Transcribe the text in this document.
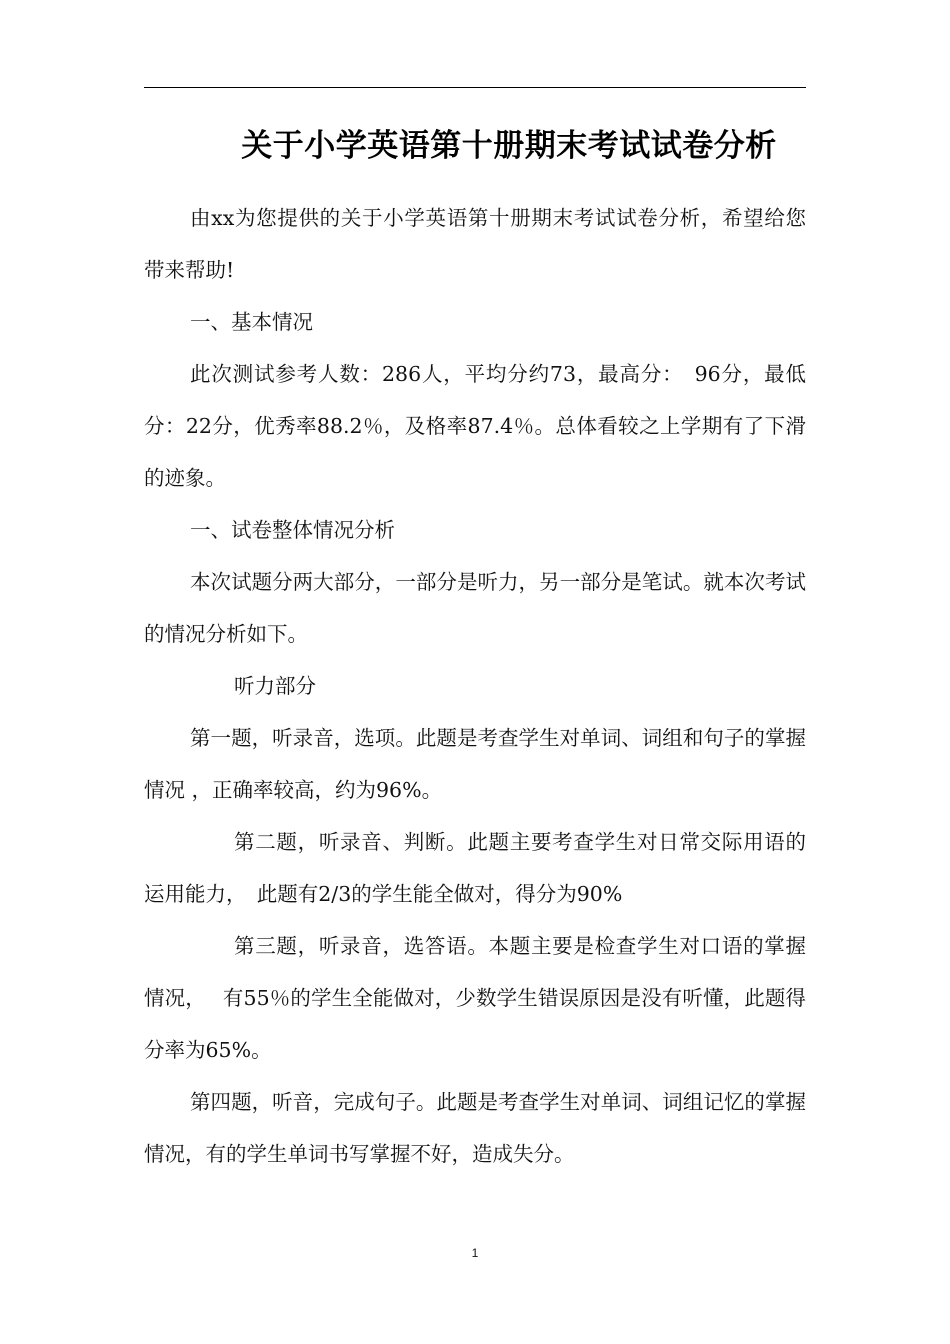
关于小学英语第十册期末考试试卷分析

由xx为您提供的关于小学英语第十册期末考试试卷分析，希望给您带来帮助!

一、基本情况

此次测试参考人数：286人，平均分约73，最高分：　96分，最低分：22分，优秀率88.2％，及格率87.4％。总体看较之上学期有了下滑的迹象。

一、试卷整体情况分析

本次试题分两大部分，一部分是听力，另一部分是笔试。就本次考试的情况分析如下。

听力部分

第一题，听录音，选项。此题是考查学生对单词、词组和句子的掌握情况 ，正确率较高，约为96%。

第二题，听录音、判断。此题主要考查学生对日常交际用语的运用能力，　此题有2/3的学生能全做对，得分为90%

第三题，听录音，选答语。本题主要是检查学生对口语的掌握情况，　 有55％的学生全能做对，少数学生错误原因是没有听懂，此题得分率为65%。

第四题，听音，完成句子。此题是考查学生对单词、词组记忆的掌握情况，有的学生单词书写掌握不好，造成失分。

1
